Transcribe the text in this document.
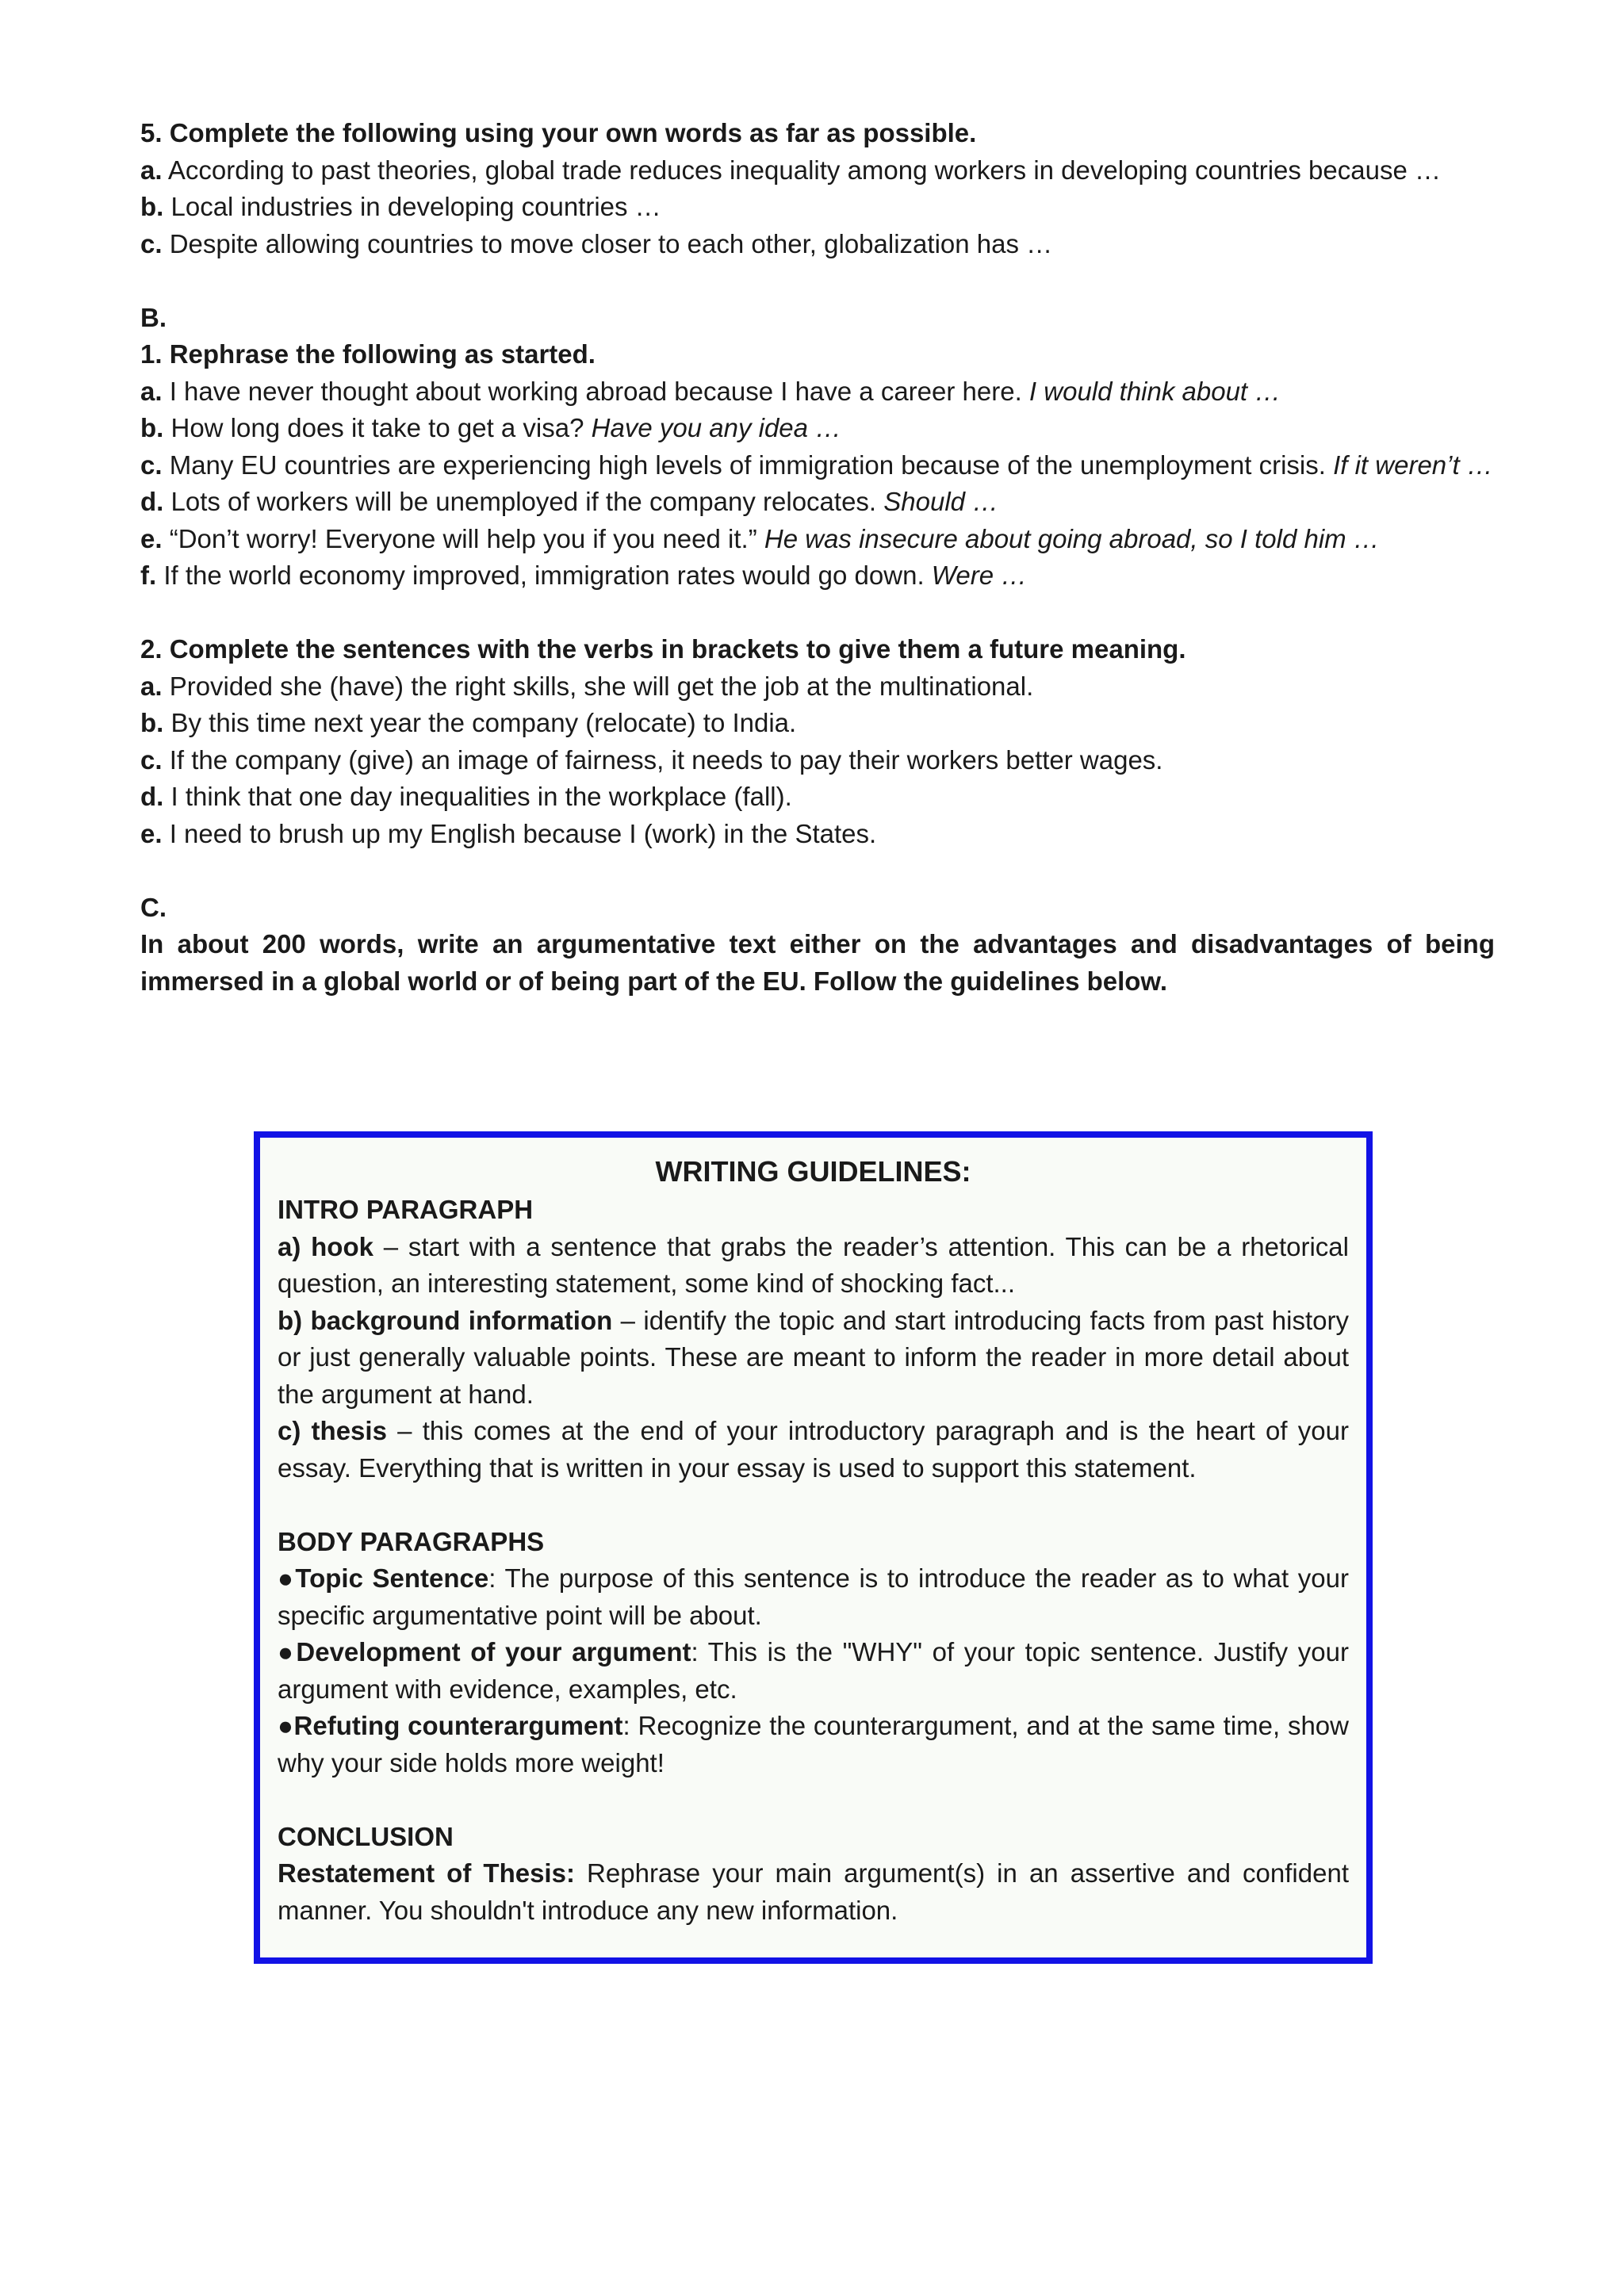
5. Complete the following using your own words as far as possible.

a. According to past theories, global trade reduces inequality among workers in developing countries because …

b. Local industries in developing countries …

c. Despite allowing countries to move closer to each other, globalization has …

B.

1. Rephrase the following as started.

a. I have never thought about working abroad because I have a career here. I would think about …

b. How long does it take to get a visa? Have you any idea …

c. Many EU countries are experiencing high levels of immigration because of the unemployment crisis. If it weren’t …

d. Lots of workers will be unemployed if the company relocates. Should …

e. “Don’t worry! Everyone will help you if you need it.” He was insecure about going abroad, so I told him …

f. If the world economy improved, immigration rates would go down. Were …

2. Complete the sentences with the verbs in brackets to give them a future meaning.

a. Provided she (have) the right skills, she will get the job at the multinational.

b. By this time next year the company (relocate) to India.

c. If the company (give) an image of fairness, it needs to pay their workers better wages.

d. I think that one day inequalities in the workplace (fall).

e. I need to brush up my English because I (work) in the States.

C.

In about 200 words, write an argumentative text either on the advantages and disadvantages of being immersed in a global world or of being part of the EU. Follow the guidelines below.

WRITING GUIDELINES:

INTRO PARAGRAPH

a) hook – start with a sentence that grabs the reader’s attention. This can be a rhetorical question, an interesting statement, some kind of shocking fact...

b) background information – identify the topic and start introducing facts from past history or just generally valuable points. These are meant to inform the reader in more detail about the argument at hand.

c) thesis – this comes at the end of your introductory paragraph and is the heart of your essay. Everything that is written in your essay is used to support this statement.

BODY PARAGRAPHS

●Topic Sentence: The purpose of this sentence is to introduce the reader as to what your specific argumentative point will be about.

●Development of your argument: This is the "WHY" of your topic sentence. Justify your argument with evidence, examples, etc.

●Refuting counterargument: Recognize the counterargument, and at the same time, show why your side holds more weight!

CONCLUSION

Restatement of Thesis: Rephrase your main argument(s) in an assertive and confident manner. You shouldn't introduce any new information.
